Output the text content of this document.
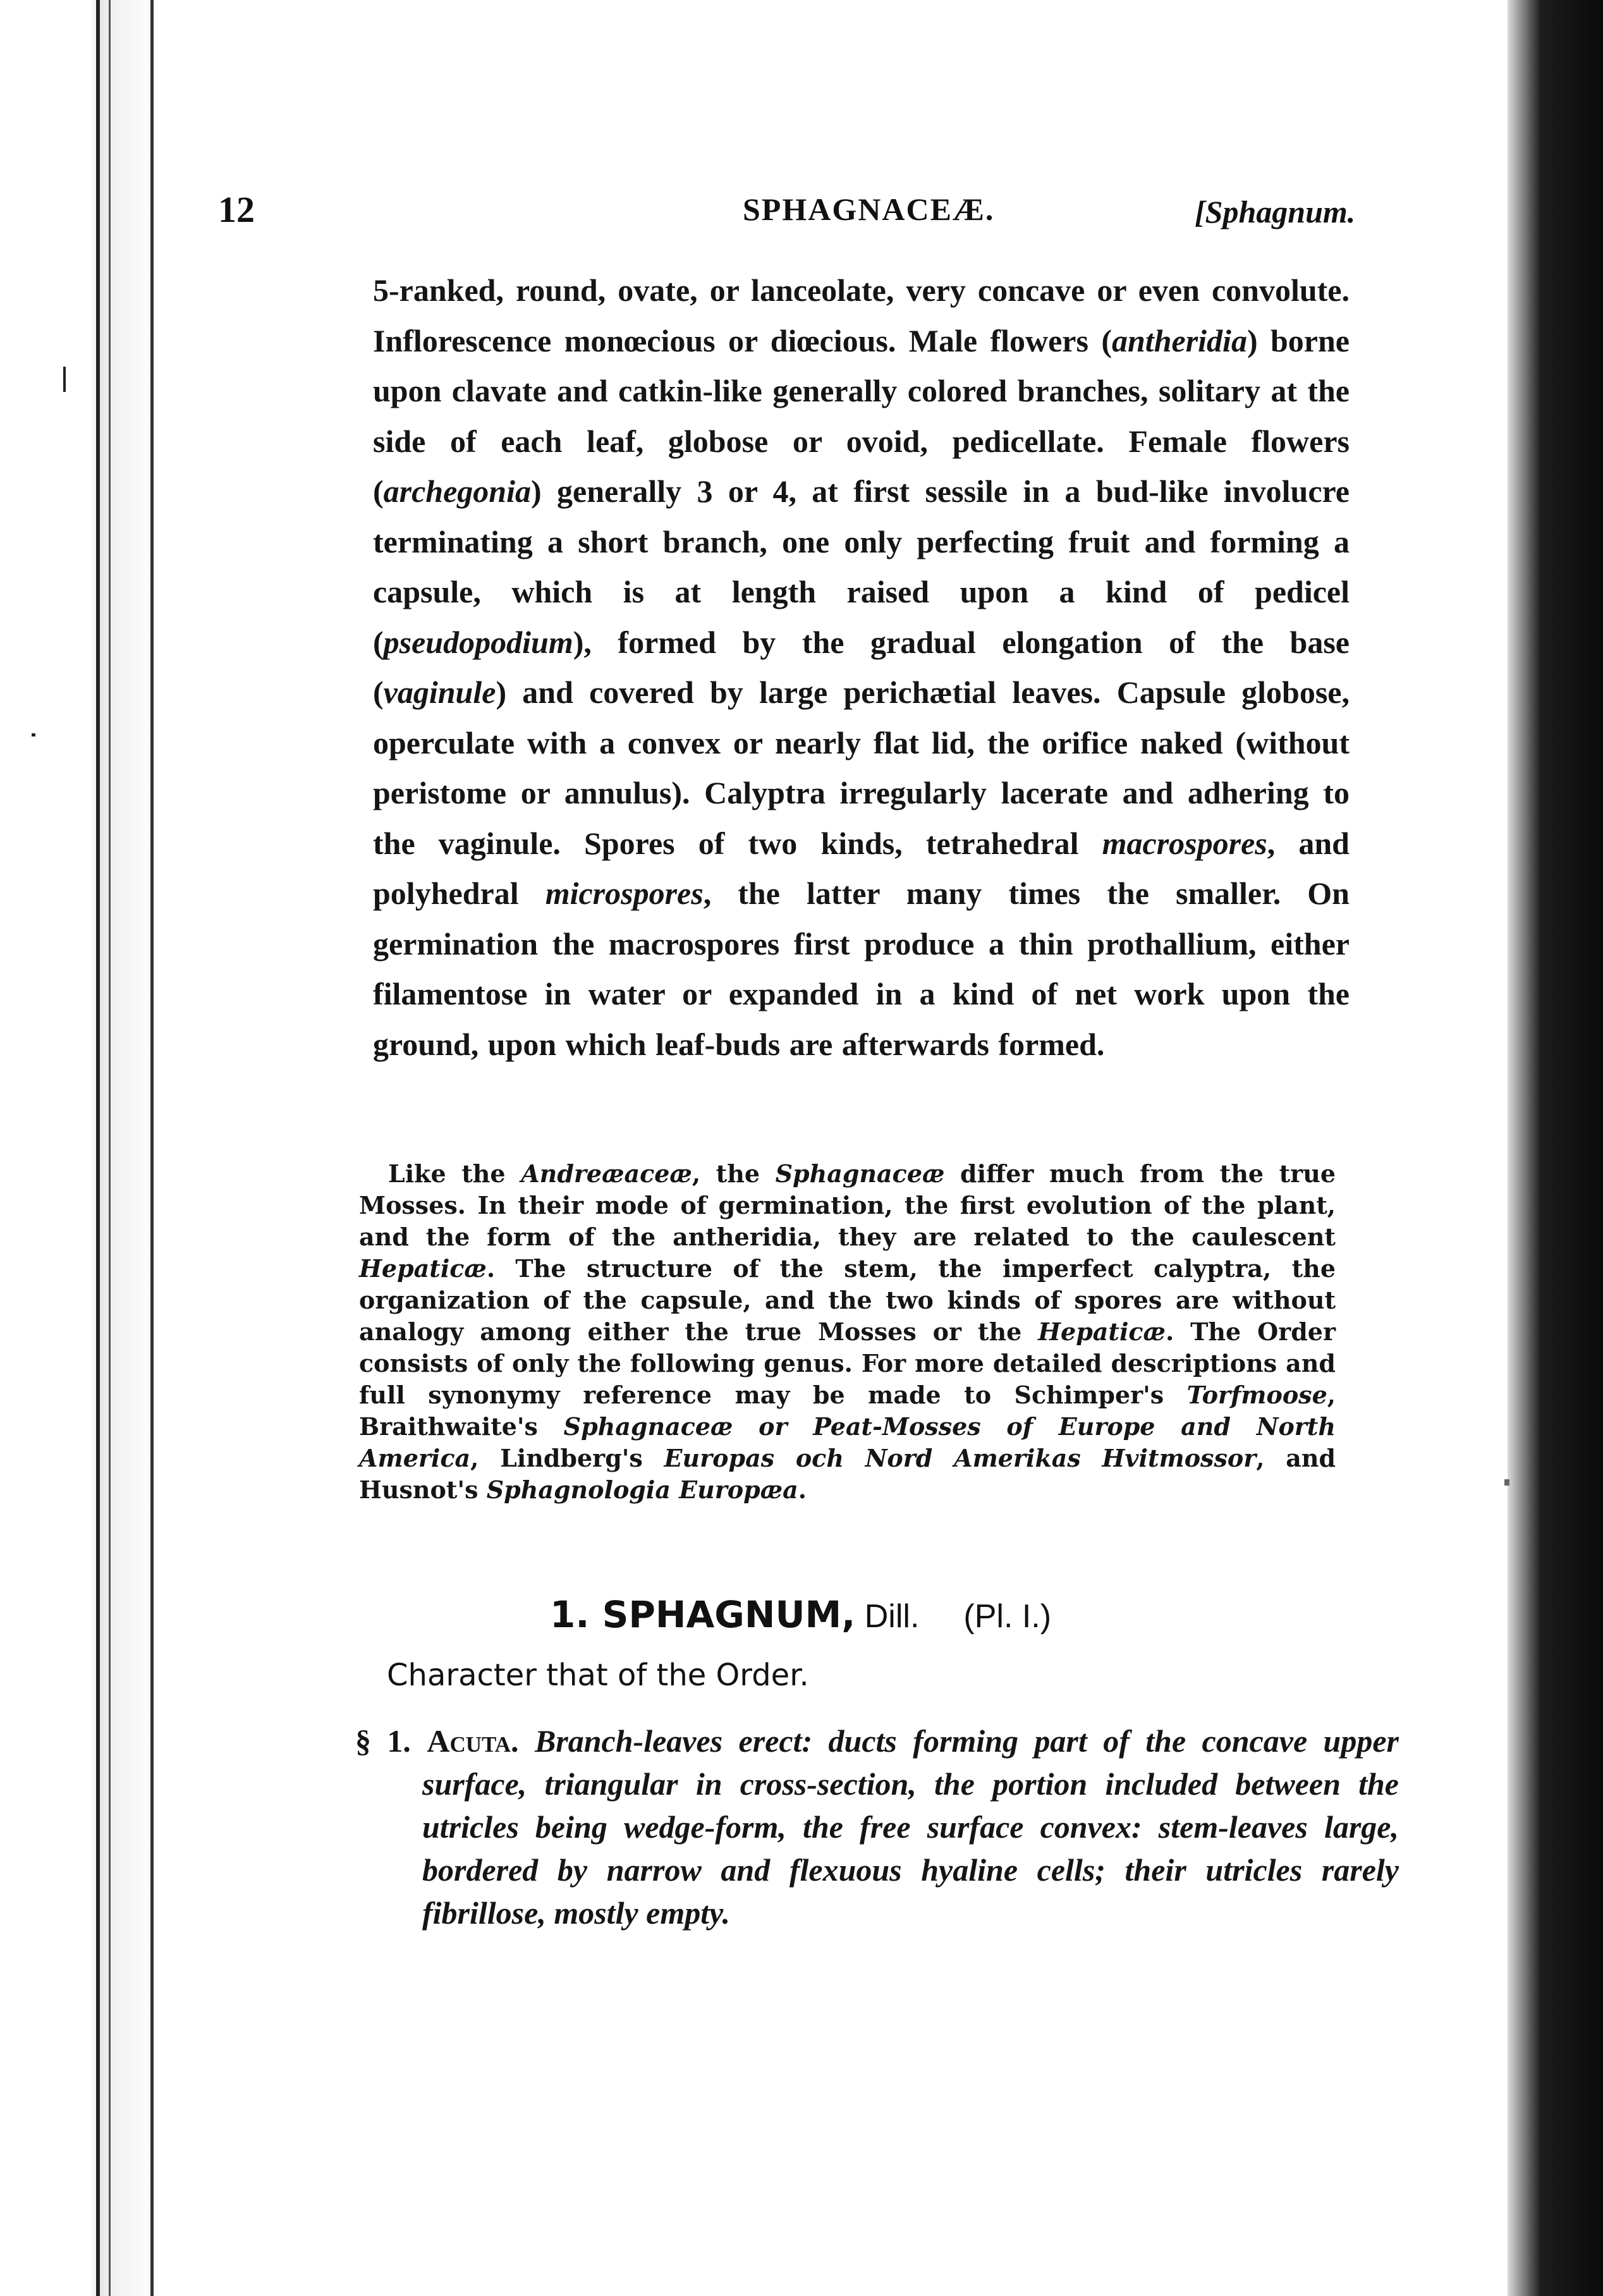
12	SPHAGNACEÆ.	[Sphagnum.
5-ranked, round, ovate, or lanceolate, very concave or even convolute. Inflorescence monœcious or diœcious. Male flowers (antheridia) borne upon clavate and catkin-like generally colored branches, solitary at the side of each leaf, globose or ovoid, pedicellate. Female flowers (archegonia) generally 3 or 4, at first sessile in a bud-like involucre terminating a short branch, one only perfecting fruit and forming a capsule, which is at length raised upon a kind of pedicel (pseudopodium), formed by the gradual elongation of the base (vaginule) and covered by large perichætial leaves. Capsule globose, operculate with a convex or nearly flat lid, the orifice naked (without peristome or annulus). Calyptra irregularly lacerate and adhering to the vaginule. Spores of two kinds, tetrahedral macrospores, and polyhedral microspores, the latter many times the smaller. On germination the macrospores first produce a thin prothallium, either filamentose in water or expanded in a kind of net work upon the ground, upon which leaf-buds are afterwards formed.
Like the Andreæaceæ, the Sphagnaceæ differ much from the true Mosses. In their mode of germination, the first evolution of the plant, and the form of the antheridia, they are related to the caulescent Hepaticæ. The structure of the stem, the imperfect calyptra, the organization of the capsule, and the two kinds of spores are without analogy among either the true Mosses or the Hepaticæ. The Order consists of only the following genus. For more detailed descriptions and full synonymy reference may be made to Schimper's Torfmoose, Braithwaite's Sphagnaceæ or Peat-Mosses of Europe and North America, Lindberg's Europas och Nord Amerikas Hvitmossor, and Husnot's Sphagnologia Europæa.
1. SPHAGNUM, Dill. (Pl. I.)
Character that of the Order.
§ 1. Acuta. Branch-leaves erect: ducts forming part of the concave upper surface, triangular in cross-section, the portion included between the utricles being wedge-form, the free surface convex: stem-leaves large, bordered by narrow and flexuous hyaline cells; their utricles rarely fibrillose, mostly empty.
